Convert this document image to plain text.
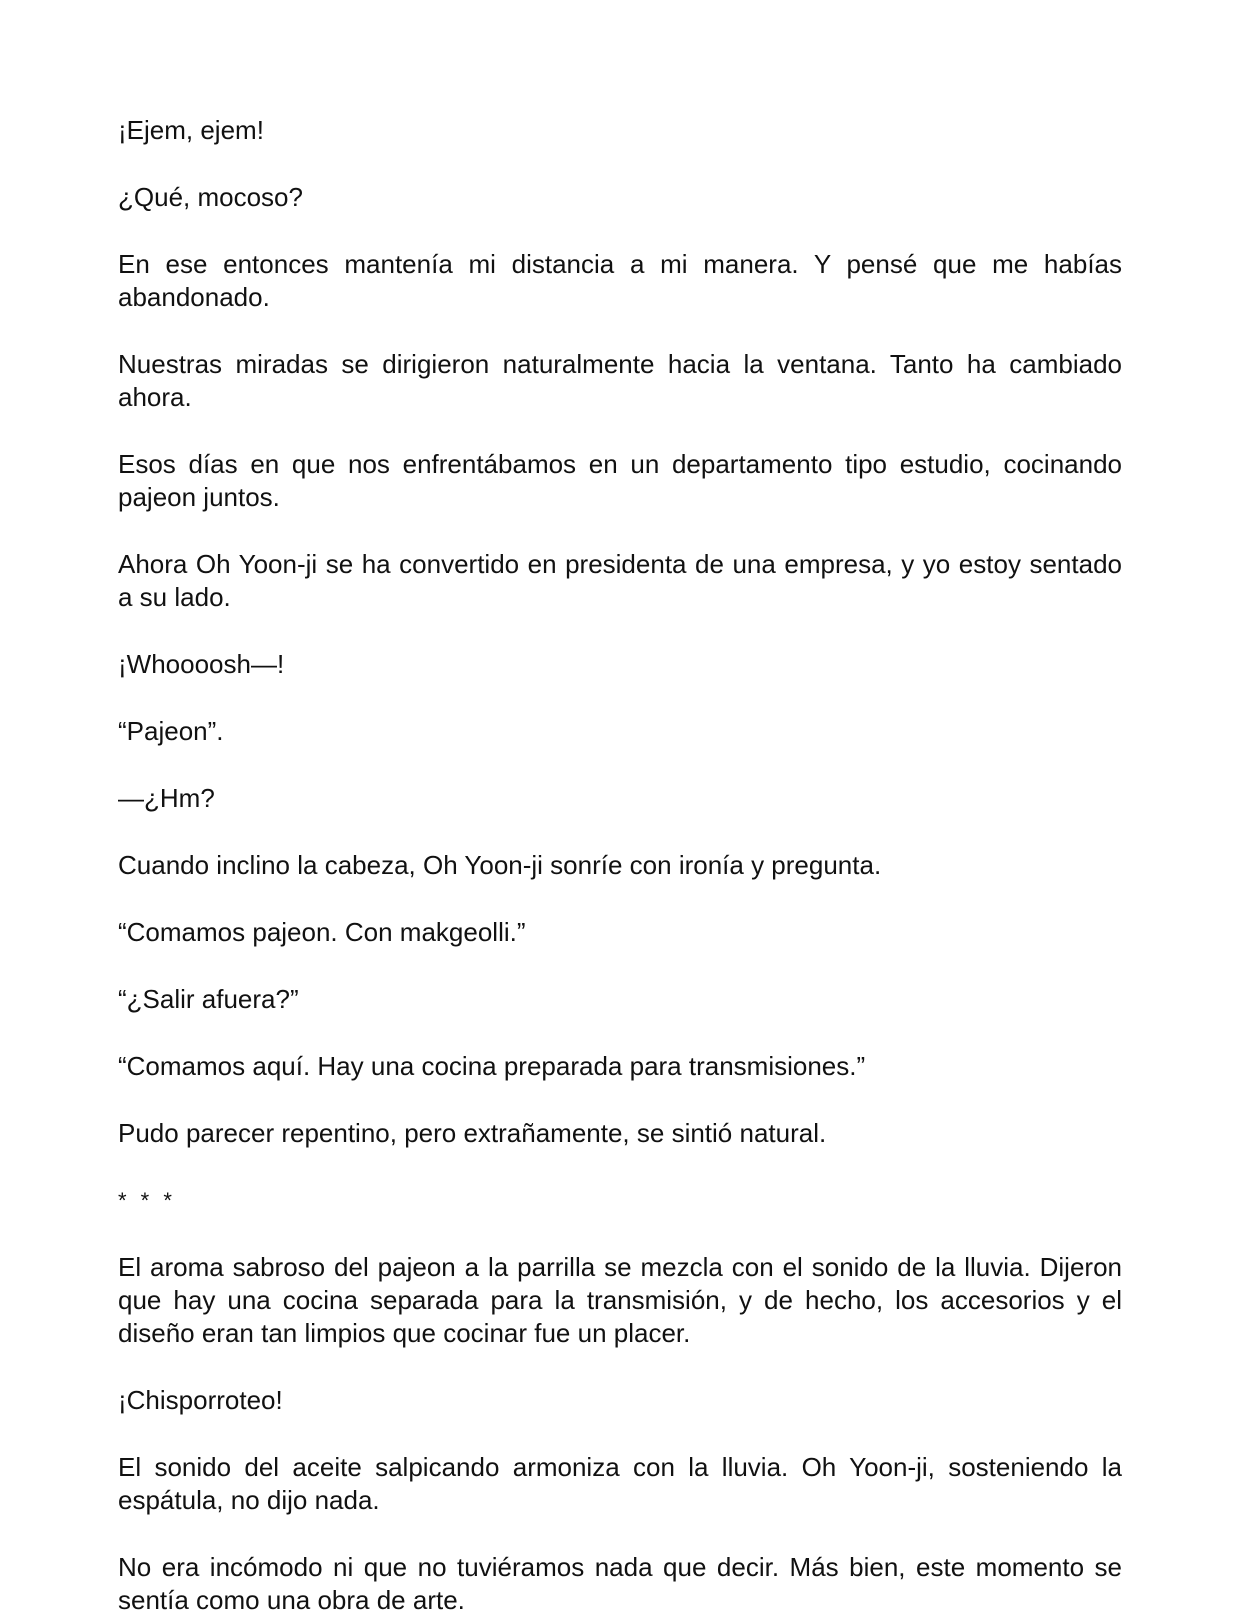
¡Ejem, ejem!

¿Qué, mocoso?

En ese entonces mantenía mi distancia a mi manera. Y pensé que me habías abandonado.

Nuestras miradas se dirigieron naturalmente hacia la ventana. Tanto ha cambiado ahora.

Esos días en que nos enfrentábamos en un departamento tipo estudio, cocinando pajeon juntos.

Ahora Oh Yoon-ji se ha convertido en presidenta de una empresa, y yo estoy sentado a su lado.

¡Whoooosh—!

“Pajeon”.

—¿Hm?

Cuando inclino la cabeza, Oh Yoon-ji sonríe con ironía y pregunta.

“Comamos pajeon. Con makgeolli.”

“¿Salir afuera?”

“Comamos aquí. Hay una cocina preparada para transmisiones.”

Pudo parecer repentino, pero extrañamente, se sintió natural.

* * *

El aroma sabroso del pajeon a la parrilla se mezcla con el sonido de la lluvia. Dijeron que hay una cocina separada para la transmisión, y de hecho, los accesorios y el diseño eran tan limpios que cocinar fue un placer.

¡Chisporroteo!

El sonido del aceite salpicando armoniza con la lluvia. Oh Yoon-ji, sosteniendo la espátula, no dijo nada.

No era incómodo ni que no tuviéramos nada que decir. Más bien, este momento se sentía como una obra de arte.
